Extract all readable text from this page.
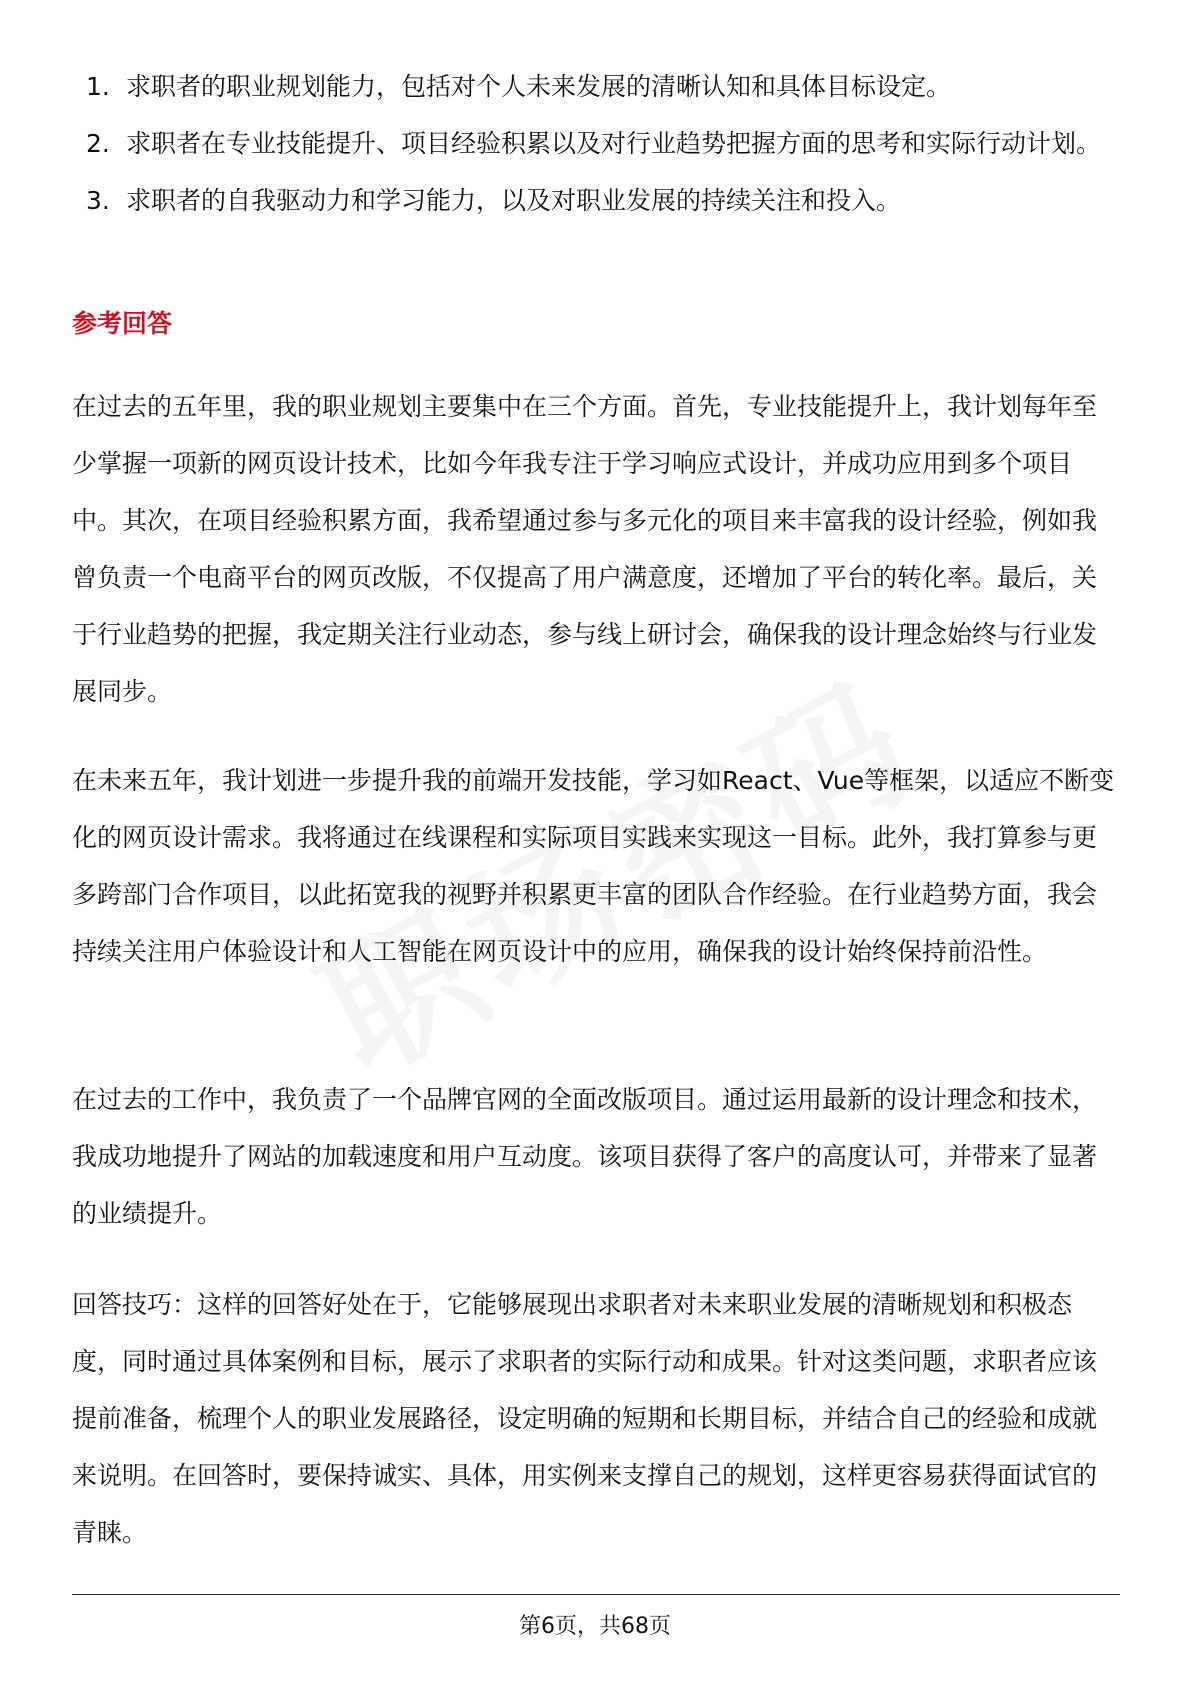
1. 求职者的职业规划能力，包括对个人未来发展的清晰认知和具体目标设定。
2. 求职者在专业技能提升、项目经验积累以及对行业趋势把握方面的思考和实际行动计划。
3. 求职者的自我驱动力和学习能力，以及对职业发展的持续关注和投入。
参考回答

在过去的五年里，我的职业规划主要集中在三个方面。首先，专业技能提升上，我计划每年至少掌握一项新的网页设计技术，比如今年我专注于学习响应式设计，并成功应用到多个项目中。其次，在项目经验积累方面，我希望通过参与多元化的项目来丰富我的设计经验，例如我曾负责一个电商平台的网页改版，不仅提高了用户满意度，还增加了平台的转化率。最后，关于行业趋势的把握，我定期关注行业动态，参与线上研讨会，确保我的设计理念始终与行业发展同步。

在未来五年，我计划进一步提升我的前端开发技能，学习如React、Vue等框架，以适应不断变化的网页设计需求。我将通过在线课程和实际项目实践来实现这一目标。此外，我打算参与更多跨部门合作项目，以此拓宽我的视野并积累更丰富的团队合作经验。在行业趋势方面，我会持续关注用户体验设计和人工智能在网页设计中的应用，确保我的设计始终保持前沿性。

在过去的工作中，我负责了一个品牌官网的全面改版项目。通过运用最新的设计理念和技术，我成功地提升了网站的加载速度和用户互动度。该项目获得了客户的高度认可，并带来了显著的业绩提升。

回答技巧：这样的回答好处在于，它能够展现出求职者对未来职业发展的清晰规划和积极态度，同时通过具体案例和目标，展示了求职者的实际行动和成果。针对这类问题，求职者应该提前准备，梳理个人的职业发展路径，设定明确的短期和长期目标，并结合自己的经验和成就来说明。在回答时，要保持诚实、具体，用实例来支撑自己的规划，这样更容易获得面试官的青睐。

第6页，共68页
